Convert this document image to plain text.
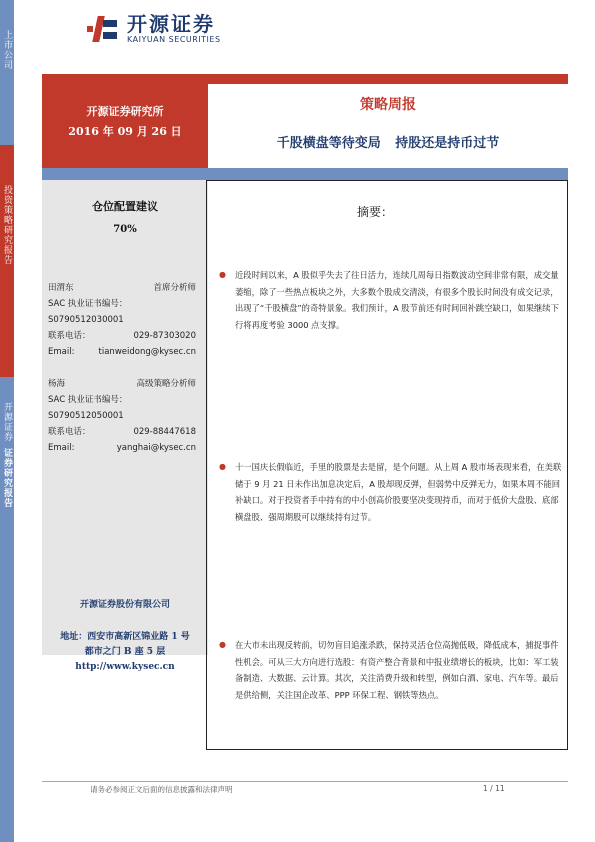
上市公司
投资策略研究报告
开源证券
证券研究报告
开源证券
KAIYUAN SECURITIES
开源证券研究所
2016 年 09 月 26 日
策略周报
千股横盘等待变局 持股还是持币过节
仓位配置建议
70%
田渭东	首席分析师
SAC 执业证书编号：
S0790512030001
联系电话：	029-87303020
Email:	tianweidong@kysec.cn
杨海	高级策略分析师
SAC 执业证书编号：
S0790512050001
联系电话：	029-88447618
Email:	yanghai@kysec.cn
开源证券股份有限公司
地址：西安市高新区锦业路 1 号
都市之门 B 座 5 层
http://www.kysec.cn
摘要：
●	近段时间以来，A 股似乎失去了往日活力，连续几周每日指数波动空间非常有限，成交量萎缩，除了一些热点板块之外，大多数个股成交清淡，有很多个股长时间没有成交记录，出现了“千股横盘”的奇特景象。我们预计，A 股节前还有时间回补跳空缺口，如果继续下行将再度考验 3000 点支撑。
●	十一国庆长假临近，手里的股票是去是留，是个问题。从上周 A 股市场表现来看，在美联储于 9 月 21 日未作出加息决定后，A 股却现反弹，但弱势中反弹无力，如果本周不能回补缺口。对于投资者手中持有的中小创高价股要坚决变现持币，而对于低价大盘股、底部横盘股、强周期股可以继续持有过节。
●	在大市未出现反转前，切勿盲目追涨杀跌，保持灵活仓位高抛低吸，降低成本，捕捉事件性机会。可从三大方向进行选股：有资产整合背景和中报业绩增长的板块，比如：军工装备制造、大数据、云计算。其次，关注消费升级和转型，例如白酒、家电、汽车等。最后是供给侧，关注国企改革、PPP 环保工程、钢铁等热点。
请务必参阅正文后面的信息披露和法律声明	1 / 11
